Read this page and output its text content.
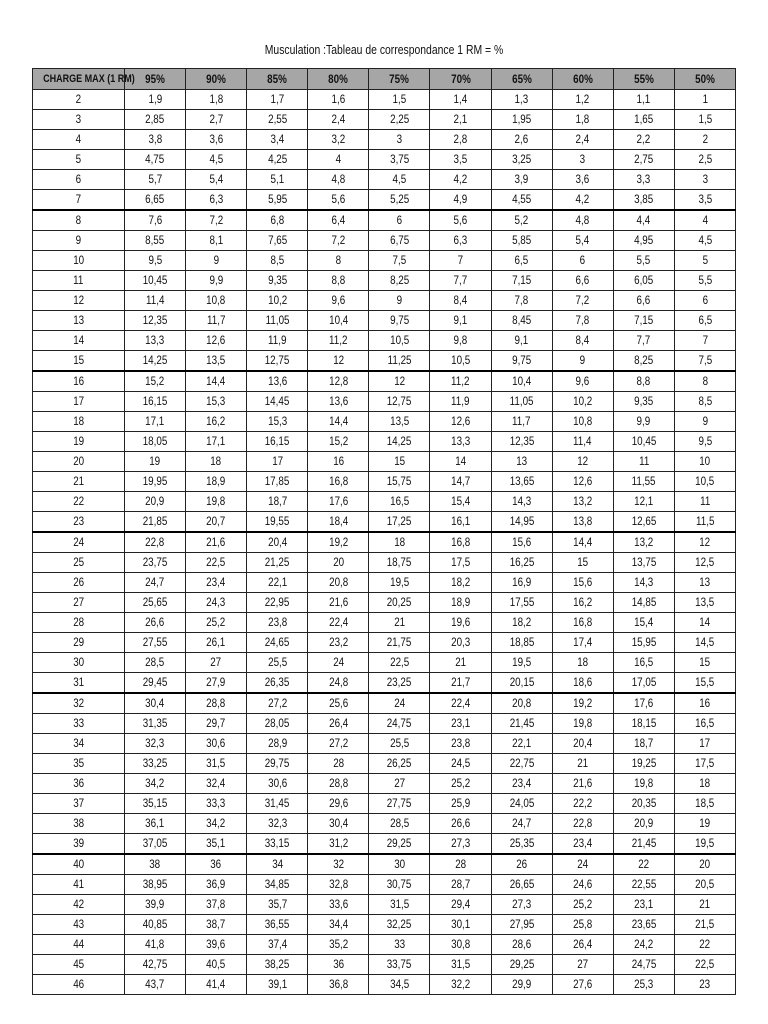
Musculation :Tableau de correspondance 1 RM = %
CHARGE MAX (1 RM)	95%	90%	85%	80%	75%	70%	65%	60%	55%	50%
2	1,9	1,8	1,7	1,6	1,5	1,4	1,3	1,2	1,1	1
3	2,85	2,7	2,55	2,4	2,25	2,1	1,95	1,8	1,65	1,5
4	3,8	3,6	3,4	3,2	3	2,8	2,6	2,4	2,2	2
5	4,75	4,5	4,25	4	3,75	3,5	3,25	3	2,75	2,5
6	5,7	5,4	5,1	4,8	4,5	4,2	3,9	3,6	3,3	3
7	6,65	6,3	5,95	5,6	5,25	4,9	4,55	4,2	3,85	3,5
8	7,6	7,2	6,8	6,4	6	5,6	5,2	4,8	4,4	4
9	8,55	8,1	7,65	7,2	6,75	6,3	5,85	5,4	4,95	4,5
10	9,5	9	8,5	8	7,5	7	6,5	6	5,5	5
11	10,45	9,9	9,35	8,8	8,25	7,7	7,15	6,6	6,05	5,5
12	11,4	10,8	10,2	9,6	9	8,4	7,8	7,2	6,6	6
13	12,35	11,7	11,05	10,4	9,75	9,1	8,45	7,8	7,15	6,5
14	13,3	12,6	11,9	11,2	10,5	9,8	9,1	8,4	7,7	7
15	14,25	13,5	12,75	12	11,25	10,5	9,75	9	8,25	7,5
16	15,2	14,4	13,6	12,8	12	11,2	10,4	9,6	8,8	8
17	16,15	15,3	14,45	13,6	12,75	11,9	11,05	10,2	9,35	8,5
18	17,1	16,2	15,3	14,4	13,5	12,6	11,7	10,8	9,9	9
19	18,05	17,1	16,15	15,2	14,25	13,3	12,35	11,4	10,45	9,5
20	19	18	17	16	15	14	13	12	11	10
21	19,95	18,9	17,85	16,8	15,75	14,7	13,65	12,6	11,55	10,5
22	20,9	19,8	18,7	17,6	16,5	15,4	14,3	13,2	12,1	11
23	21,85	20,7	19,55	18,4	17,25	16,1	14,95	13,8	12,65	11,5
24	22,8	21,6	20,4	19,2	18	16,8	15,6	14,4	13,2	12
25	23,75	22,5	21,25	20	18,75	17,5	16,25	15	13,75	12,5
26	24,7	23,4	22,1	20,8	19,5	18,2	16,9	15,6	14,3	13
27	25,65	24,3	22,95	21,6	20,25	18,9	17,55	16,2	14,85	13,5
28	26,6	25,2	23,8	22,4	21	19,6	18,2	16,8	15,4	14
29	27,55	26,1	24,65	23,2	21,75	20,3	18,85	17,4	15,95	14,5
30	28,5	27	25,5	24	22,5	21	19,5	18	16,5	15
31	29,45	27,9	26,35	24,8	23,25	21,7	20,15	18,6	17,05	15,5
32	30,4	28,8	27,2	25,6	24	22,4	20,8	19,2	17,6	16
33	31,35	29,7	28,05	26,4	24,75	23,1	21,45	19,8	18,15	16,5
34	32,3	30,6	28,9	27,2	25,5	23,8	22,1	20,4	18,7	17
35	33,25	31,5	29,75	28	26,25	24,5	22,75	21	19,25	17,5
36	34,2	32,4	30,6	28,8	27	25,2	23,4	21,6	19,8	18
37	35,15	33,3	31,45	29,6	27,75	25,9	24,05	22,2	20,35	18,5
38	36,1	34,2	32,3	30,4	28,5	26,6	24,7	22,8	20,9	19
39	37,05	35,1	33,15	31,2	29,25	27,3	25,35	23,4	21,45	19,5
40	38	36	34	32	30	28	26	24	22	20
41	38,95	36,9	34,85	32,8	30,75	28,7	26,65	24,6	22,55	20,5
42	39,9	37,8	35,7	33,6	31,5	29,4	27,3	25,2	23,1	21
43	40,85	38,7	36,55	34,4	32,25	30,1	27,95	25,8	23,65	21,5
44	41,8	39,6	37,4	35,2	33	30,8	28,6	26,4	24,2	22
45	42,75	40,5	38,25	36	33,75	31,5	29,25	27	24,75	22,5
46	43,7	41,4	39,1	36,8	34,5	32,2	29,9	27,6	25,3	23
